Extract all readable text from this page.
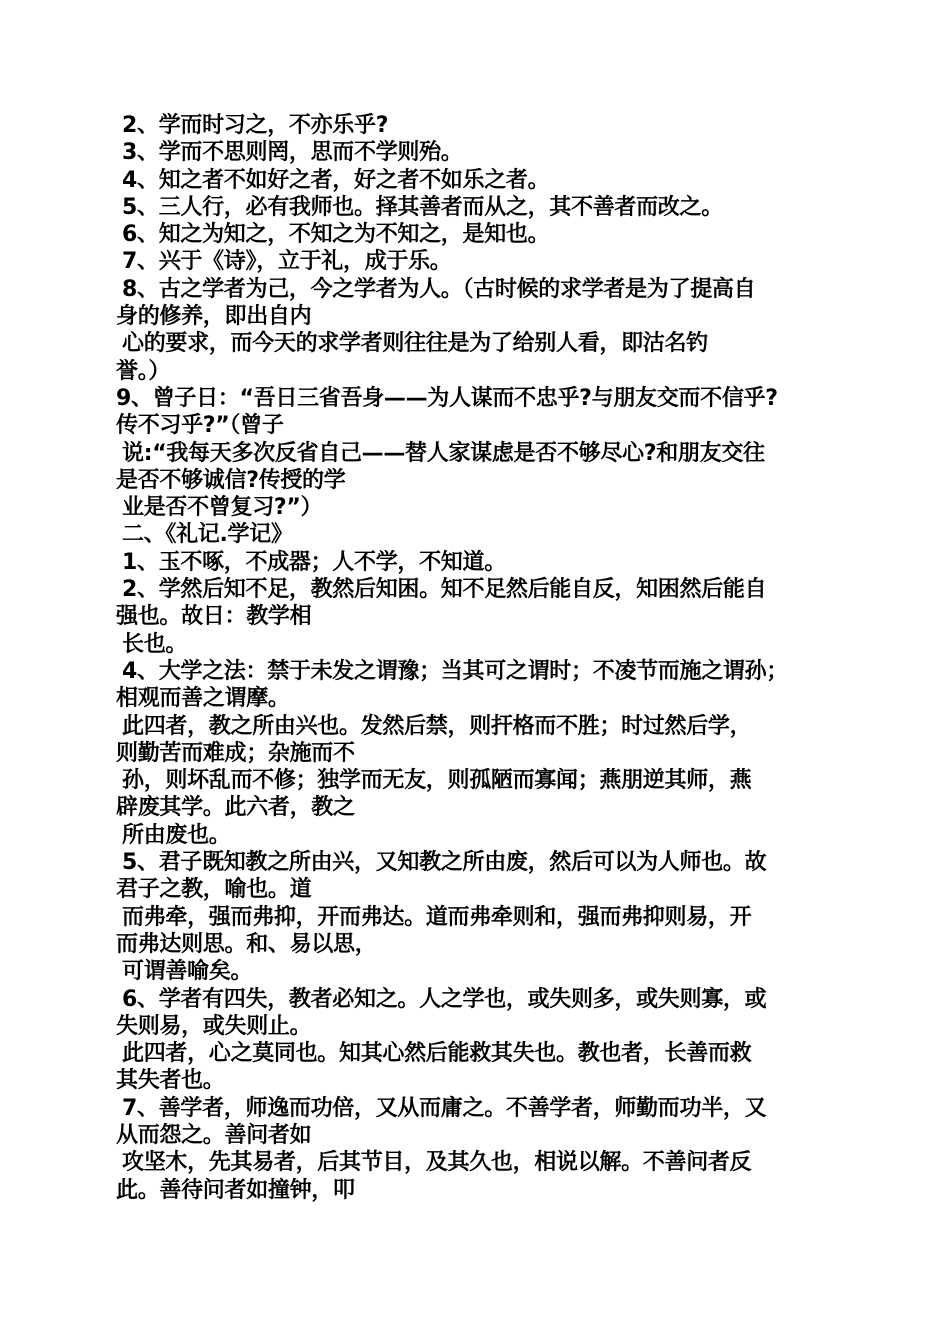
2、学而时习之，不亦乐乎?
3、学而不思则罔，思而不学则殆。
4、知之者不如好之者，好之者不如乐之者。
5、三人行，必有我师也。择其善者而从之，其不善者而改之。
6、知之为知之，不知之为不知之，是知也。
7、兴于《诗》，立于礼，成于乐。
8、古之学者为己，今之学者为人。（古时候的求学者是为了提高自
身的修养，即出自内
心的要求，而今天的求学者则往往是为了给别人看，即沽名钓
誉。）
9、曾子日：“吾日三省吾身——为人谋而不忠乎?与朋友交而不信乎?
传不习乎?”（曾子
说:“我每天多次反省自己——替人家谋虑是否不够尽心?和朋友交往
是否不够诚信?传授的学
业是否不曾复习?”）
二、《礼记.学记》
1、玉不啄，不成器；人不学，不知道。
2、学然后知不足，教然后知困。知不足然后能自反，知困然后能自
强也。故日：教学相
长也。
4、大学之法：禁于未发之谓豫；当其可之谓时；不凌节而施之谓孙；
相观而善之谓摩。
此四者，教之所由兴也。发然后禁，则扞格而不胜；时过然后学，
则勤苦而难成；杂施而不
孙，则坏乱而不修；独学而无友，则孤陋而寡闻；燕朋逆其师，燕
辟废其学。此六者，教之
所由废也。
5、君子既知教之所由兴，又知教之所由废，然后可以为人师也。故
君子之教，喻也。道
而弗牵，强而弗抑，开而弗达。道而弗牵则和，强而弗抑则易，开
而弗达则思。和、易以思，
可谓善喻矣。
6、学者有四失，教者必知之。人之学也，或失则多，或失则寡，或
失则易，或失则止。
此四者，心之莫同也。知其心然后能救其失也。教也者，长善而救
其失者也。
7、善学者，师逸而功倍，又从而庸之。不善学者，师勤而功半，又
从而怨之。善问者如
攻坚木，先其易者，后其节目，及其久也，相说以解。不善问者反
此。善待问者如撞钟，叩
